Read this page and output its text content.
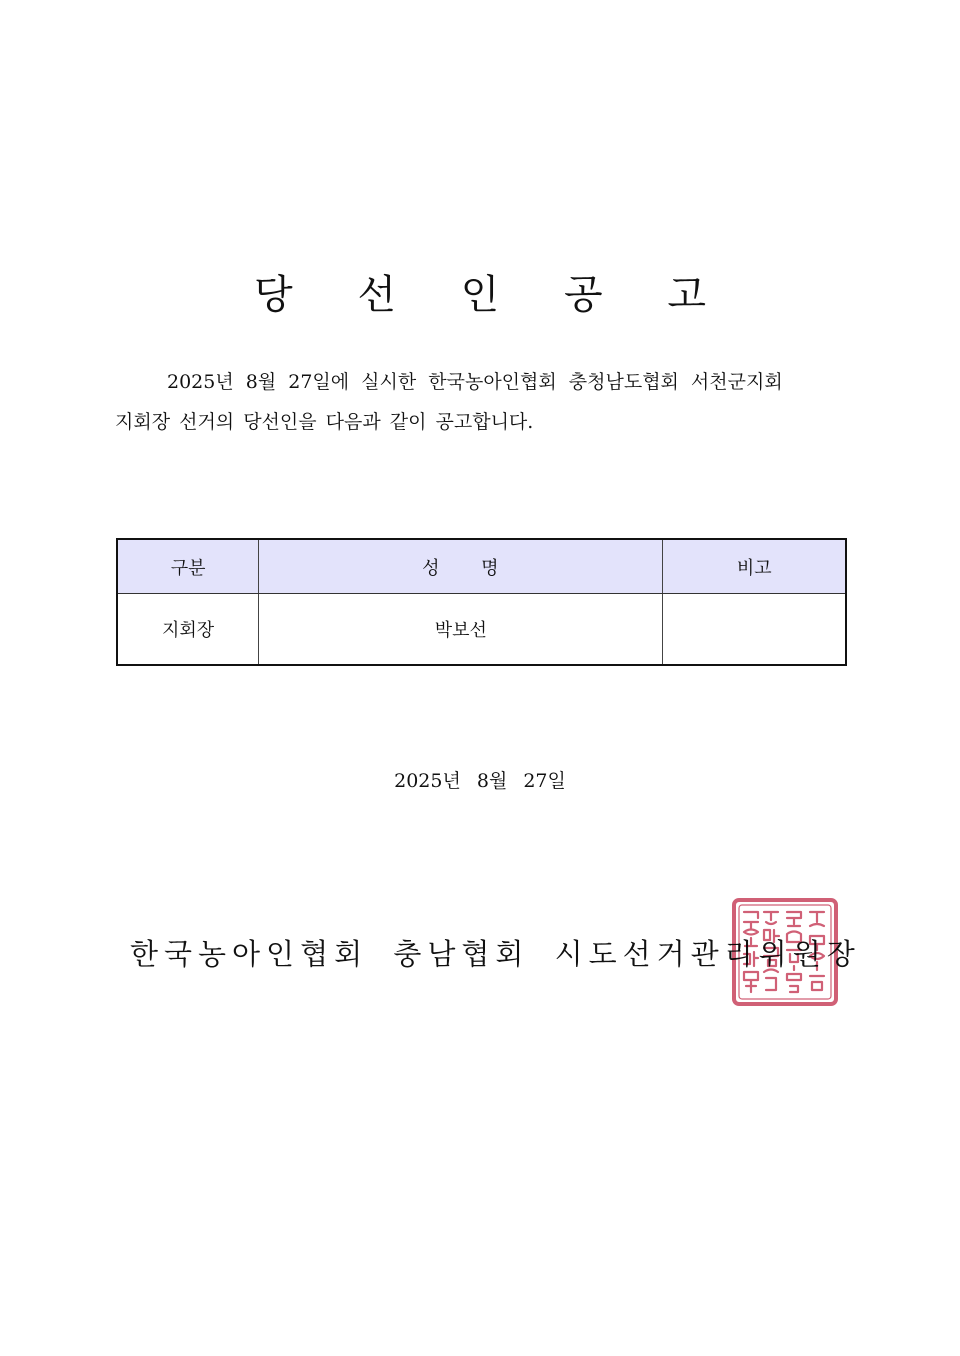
당 선 인 공 고

2025년 8월 27일에 실시한 한국농아인협회 충청남도협회 서천군지회
지회장 선거의 당선인을 다음과 같이 공고합니다.

구분	성 명	비고
지회장	박보선	
2025년 8월 27일
한국농아인협회 충남협회 시도선거관리위원장
